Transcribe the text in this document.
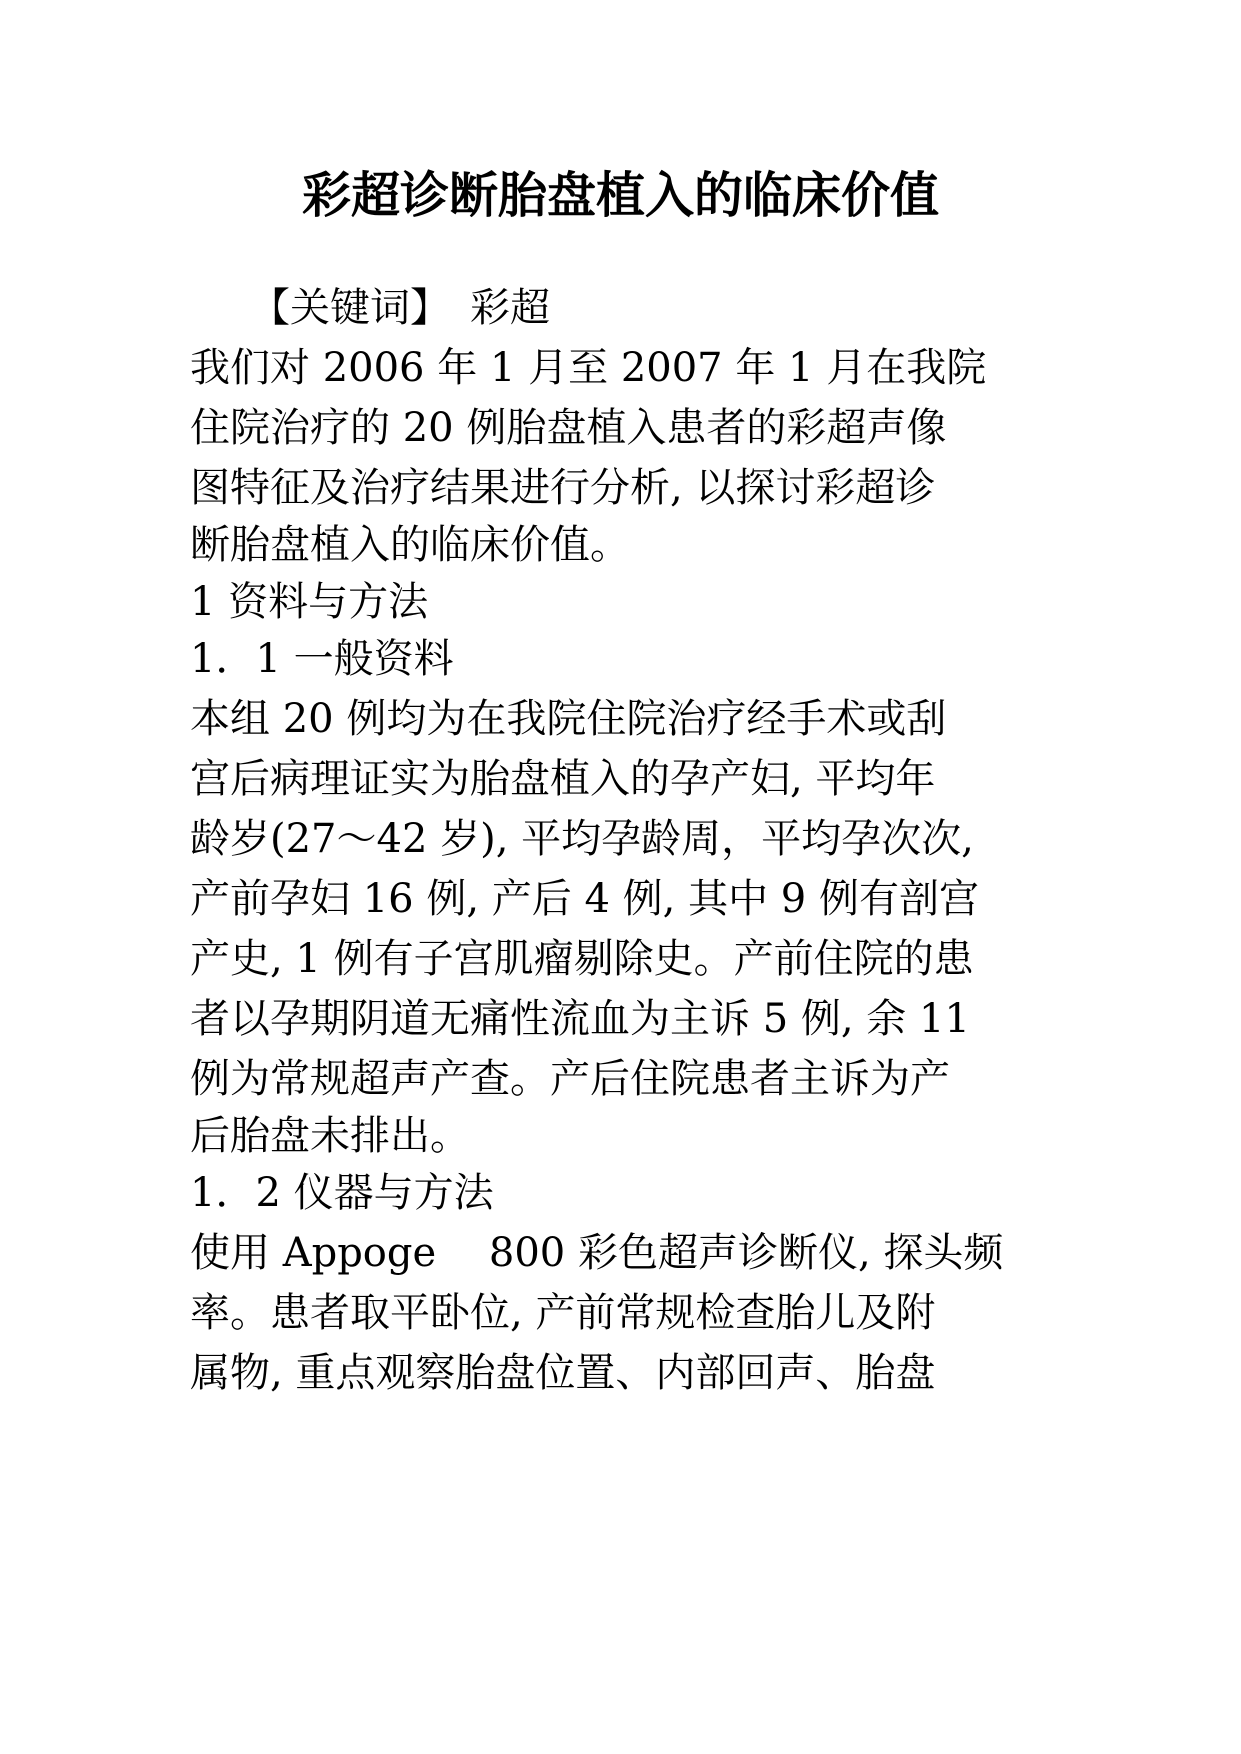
彩超诊断胎盘植入的临床价值
　　【关键词】　彩超
我们对 2006 年 1 月至 2007 年 1 月在我院
住院治疗的 20 例胎盘植入患者的彩超声像
图特征及治疗结果进行分析, 以探讨彩超诊
断胎盘植入的临床价值。
1 资料与方法
1．1 一般资料
本组 20 例均为在我院住院治疗经手术或刮
宫后病理证实为胎盘植入的孕产妇, 平均年
龄岁(27～42 岁), 平均孕龄周，平均孕次次,
产前孕妇 16 例, 产后 4 例, 其中 9 例有剖宫
产史, 1 例有子宫肌瘤剔除史。产前住院的患
者以孕期阴道无痛性流血为主诉 5 例, 余 11
例为常规超声产查。产后住院患者主诉为产
后胎盘未排出。
1．2 仪器与方法
使用 Appoge　 800 彩色超声诊断仪, 探头频
率。患者取平卧位, 产前常规检查胎儿及附
属物, 重点观察胎盘位置、内部回声、胎盘
